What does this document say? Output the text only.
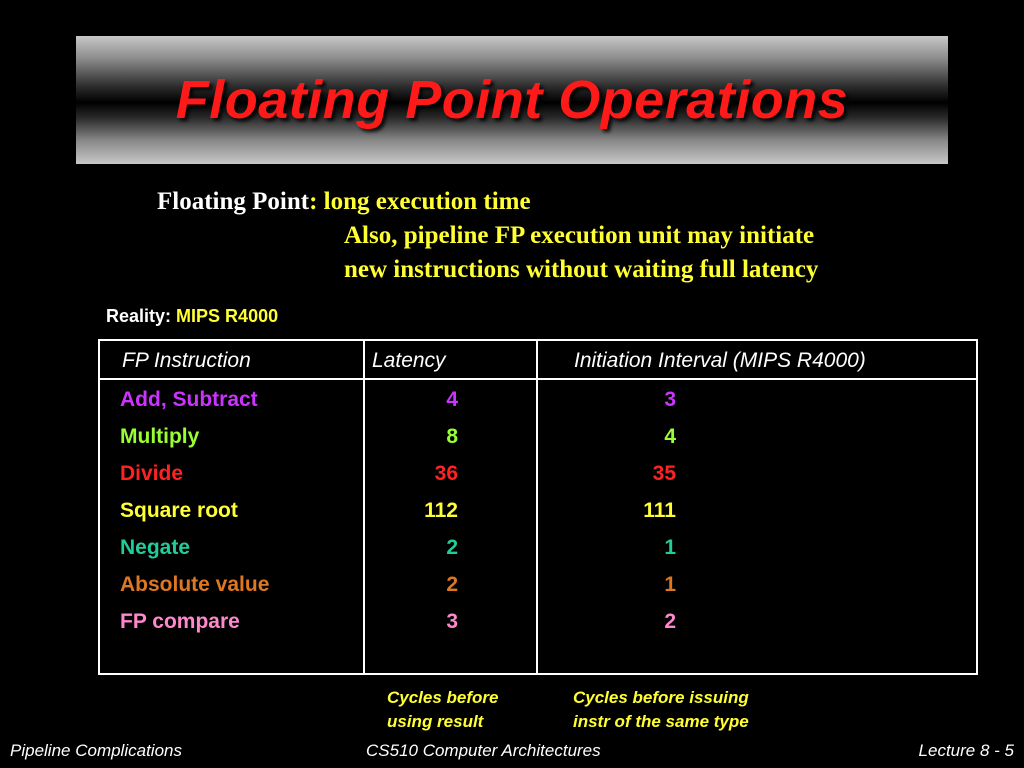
Floating Point Operations
Floating Point: long execution time
Also, pipeline FP execution unit may initiate
new instructions without waiting full latency
Reality: MIPS R4000
FP Instruction	Latency	Initiation Interval (MIPS R4000)
Add, Subtract	4	3
Multiply	8	4
Divide	36	35
Square root	112	111
Negate	2	1
Absolute value	2	1
FP compare	3	2
Cycles before
using result
Cycles before issuing
instr of the same type
Pipeline Complications	CS510 Computer Architectures	Lecture 8 - 5
